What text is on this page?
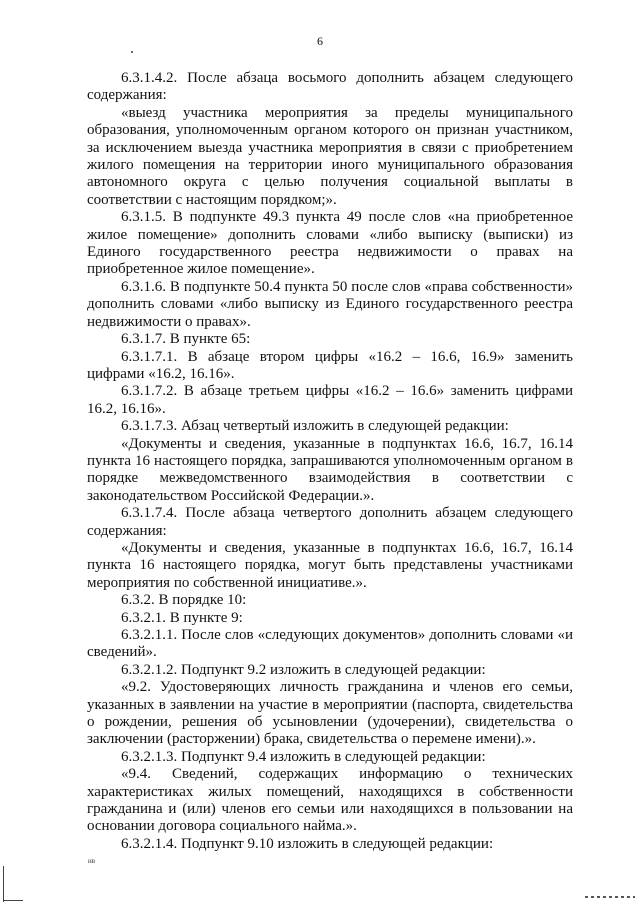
6

6.3.1.4.2. После абзаца восьмого дополнить абзацем следующего содержания:

«выезд участника мероприятия за пределы муниципального образования, уполномоченным органом которого он признан участником, за исключением выезда участника мероприятия в связи с приобретением жилого помещения на территории иного муниципального образования автономного округа с целью получения социальной выплаты в соответствии с настоящим порядком;».

6.3.1.5. В подпункте 49.3 пункта 49 после слов «на приобретенное жилое помещение» дополнить словами «либо выписку (выписки) из Единого государственного реестра недвижимости о правах на приобретенное жилое помещение».

6.3.1.6. В подпункте 50.4 пункта 50 после слов «права собственности» дополнить словами «либо выписку из Единого государственного реестра недвижимости о правах».

6.3.1.7. В пункте 65:

6.3.1.7.1. В абзаце втором цифры «16.2 – 16.6, 16.9» заменить цифрами «16.2, 16.16».

6.3.1.7.2. В абзаце третьем цифры «16.2 – 16.6» заменить цифрами 16.2, 16.16».

6.3.1.7.3. Абзац четвертый изложить в следующей редакции:

«Документы и сведения, указанные в подпунктах 16.6, 16.7, 16.14 пункта 16 настоящего порядка, запрашиваются уполномоченным органом в порядке межведомственного взаимодействия в соответствии с законодательством Российской Федерации.».

6.3.1.7.4. После абзаца четвертого дополнить абзацем следующего содержания:

«Документы и сведения, указанные в подпунктах 16.6, 16.7, 16.14 пункта 16 настоящего порядка, могут быть представлены участниками мероприятия по собственной инициативе.».

6.3.2. В порядке 10:

6.3.2.1. В пункте 9:

6.3.2.1.1. После слов «следующих документов» дополнить словами «и сведений».

6.3.2.1.2. Подпункт 9.2 изложить в следующей редакции:

«9.2. Удостоверяющих личность гражданина и членов его семьи, указанных в заявлении на участие в мероприятии (паспорта, свидетельства о рождении, решения об усыновлении (удочерении), свидетельства о заключении (расторжении) брака, свидетельства о перемене имени).».

6.3.2.1.3. Подпункт 9.4 изложить в следующей редакции:

«9.4. Сведений, содержащих информацию о технических характеристиках жилых помещений, находящихся в собственности гражданина и (или) членов его семьи или находящихся в пользовании на основании договора социального найма.».

6.3.2.1.4. Подпункт 9.10 изложить в следующей редакции:

нв
